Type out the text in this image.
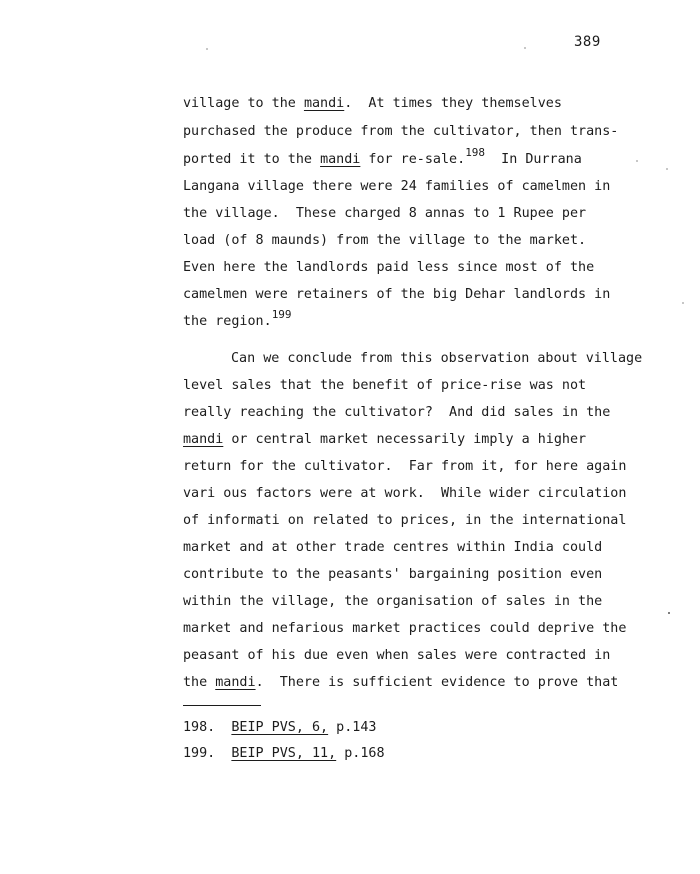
389
village to the mandi.  At times they themselves
purchased the produce from the cultivator, then trans-
ported it to the mandi for re-sale.$^{198}$  In Durrana
Langana village there were 24 families of camelmen in
the village.  These charged 8 annas to 1 Rupee per
load (of 8 maunds) from the village to the market.
Even here the landlords paid less since most of the
camelmen were retainers of the big Dehar landlords in
the region.$^{199}$
Can we conclude from this observation about village
level sales that the benefit of price-rise was not
really reaching the cultivator?  And did sales in the
mandi or central market necessarily imply a higher
return for the cultivator.  Far from it, for here again
vari ous factors were at work.  While wider circulation
of informati on related to prices, in the international
market and at other trade centres within India could
contribute to the peasants' bargaining position even
within the village, the organisation of sales in the
market and nefarious market practices could deprive the
peasant of his due even when sales were contracted in
the mandi.  There is sufficient evidence to prove that
198. BEIP PVS, 6, p.143
199. BEIP PVS, 11, p.168
